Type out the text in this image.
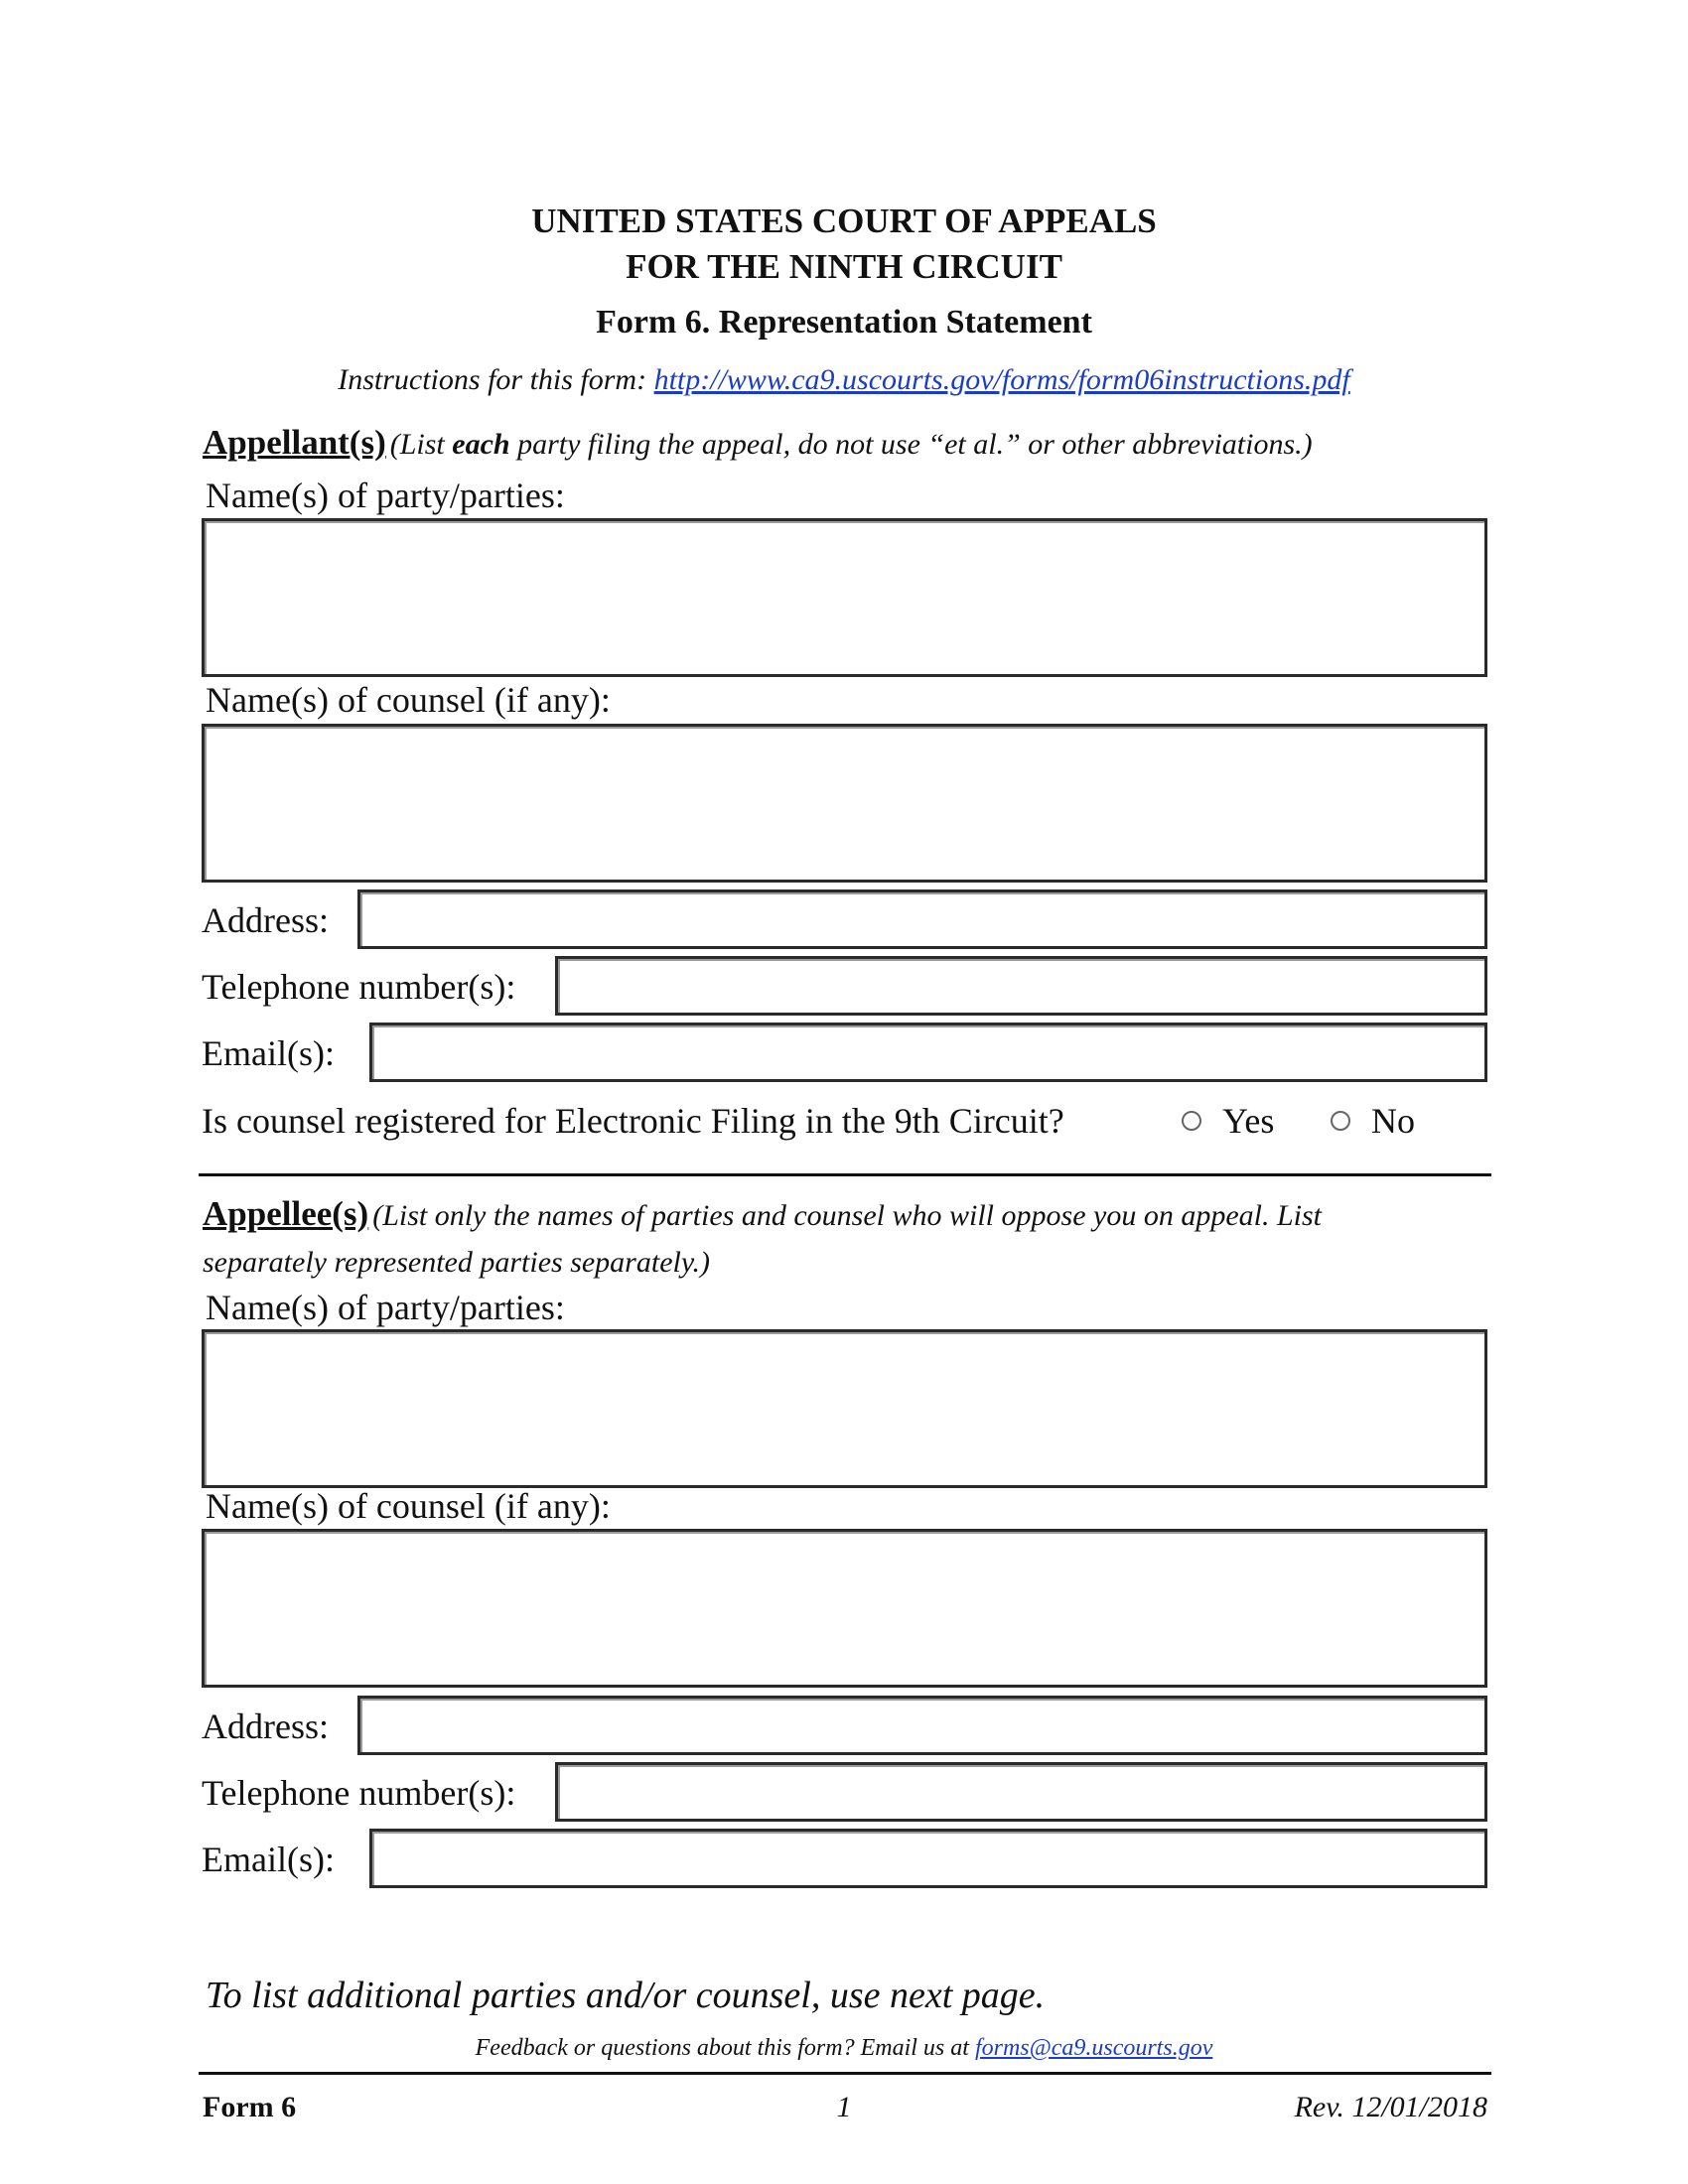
UNITED STATES COURT OF APPEALS
FOR THE NINTH CIRCUIT
Form 6. Representation Statement
Instructions for this form: http://www.ca9.uscourts.gov/forms/form06instructions.pdf
Appellant(s) (List each party filing the appeal, do not use “et al.” or other abbreviations.)
Name(s) of party/parties:
Name(s) of counsel (if any):
Address:
Telephone number(s):
Email(s):
Is counsel registered for Electronic Filing in the 9th Circuit?	Yes	No
Appellee(s) (List only the names of parties and counsel who will oppose you on appeal. List
separately represented parties separately.)
Name(s) of party/parties:
Name(s) of counsel (if any):
Address:
Telephone number(s):
Email(s):
To list additional parties and/or counsel, use next page.
Feedback or questions about this form? Email us at forms@ca9.uscourts.gov
Form 6	1	Rev. 12/01/2018
